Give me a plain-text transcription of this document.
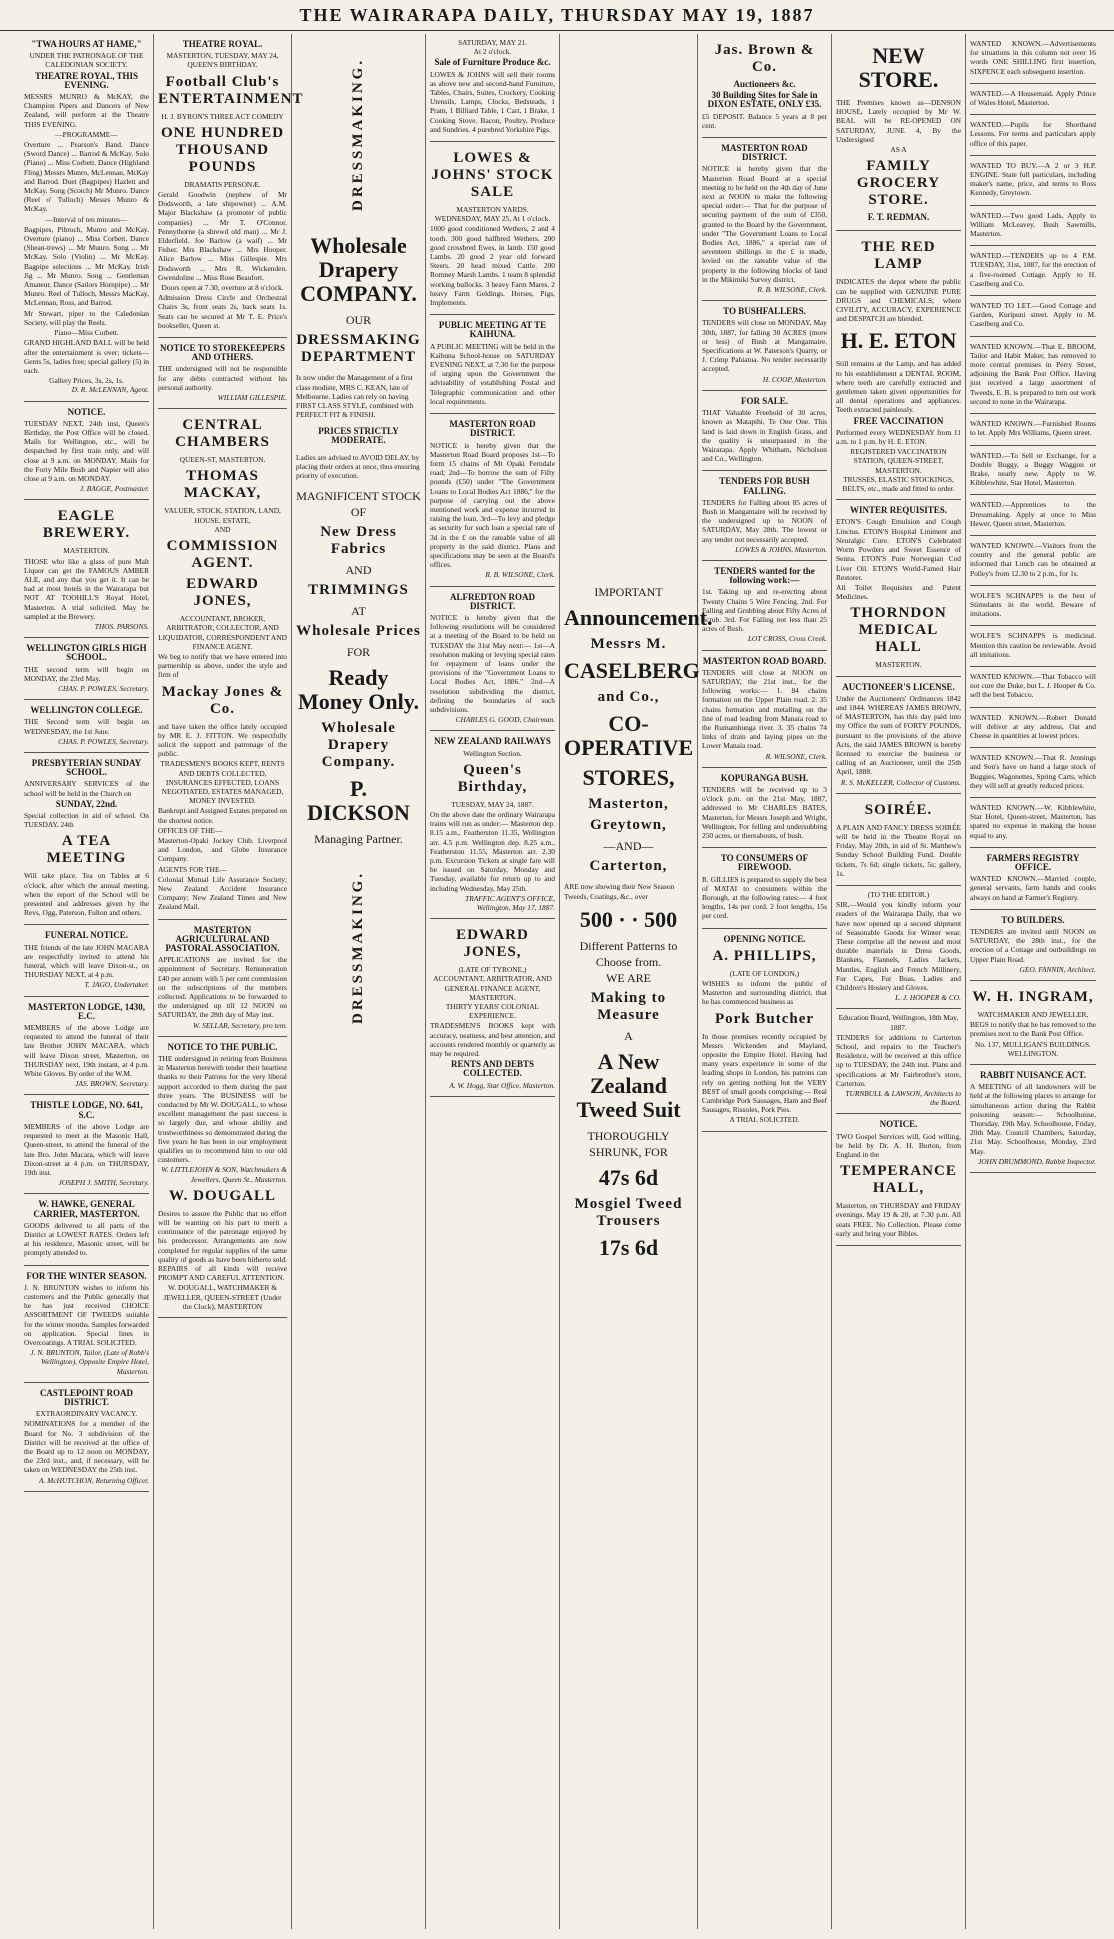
THE WAIRARAPA DAILY, THURSDAY MAY 19, 1887
"TWA HOURS AT HAME,"
UNDER THE PATRONAGE OF THE CALEDONIAN SOCIETY.
THEATRE ROYAL, THIS EVENING.

MESSRS MUNRO & McKAY, the Champion Pipers and Dancers of New Zealand, will perform at the Theatre THIS EVENING.

—PROGRAMME—

Overture ... Pearson's Band. Dance (Sword Dance) ... Barrod & McKay. Solo (Piano) ... Miss Corbett. Dance (Highland Fling) Messrs Munro, McLennan, McKay and Barrod. Duet (Bagpipes) Hazlett and McKay. Song (Scotch) Mr Munro. Dance (Reel o' Tulloch) Messrs Munro & McKay.

—Interval of ten minutes—

Bagpipes, Pibroch, Munro and McKay. Overture (piano) ... Miss Corbett. Dance (Shean-trews) ... Mr Munro. Song ... Mr McKay. Solo (Violin) ... Mr McKay. Bagpipe selections ... Mr McKay. Irish Jig ... Mr Munro. Song ... Gentleman Amateur. Dance (Sailors Hornpipe) ... Mr Munro. Reel of Tulloch, Messrs MacKay, McLennan, Ross, and Barrod.

Mr Stewart, piper to the Caledonian Society, will play the Reels.

Piano—Miss Corbett.

GRAND HIGHLAND BALL will be held after the entertainment is over; tickets—Gents 5s, ladies free; special gallery (5) in each.

Gallery Prices, 3s, 2s, 1s.
D. R. McLENNAN, Agent.
NOTICE.

TUESDAY NEXT, 24th inst, Queen's Birthday, the Post Office will be closed. Mails for Wellington, etc., will be despatched by first train only, and will close at 9 a.m. on MONDAY. Mails for the Forty Mile Bush and Napier will also close at 9 a.m. on MONDAY.

J. BAGGE, Postmaster.
EAGLE BREWERY.
MASTERTON.

THOSE who like a glass of pure Malt Liquor can get the FAMOUS AMBER ALE, and any that you get it. It can be had at most hotels in the Wairarapa but NOT AT TOOHILL'S Royal Hotel, Masterton. A trial solicited. May be sampled at the Brewery.

THOS. PARSONS.
WELLINGTON GIRLS HIGH SCHOOL.

THE second term will begin on MONDAY, the 23rd May.

CHAS. P. POWLES, Secretary.
WELLINGTON COLLEGE.

THE Second term will begin on WEDNESDAY, the 1st June.

CHAS. P. POWLES, Secretary.
PRESBYTERIAN SUNDAY SCHOOL.

ANNIVERSARY SERVICES of the school will be held in the Church on

SUNDAY, 22nd.

Special collection in aid of school. On TUESDAY, 24th

A TEA MEETING

Will take place. Tea on Tables at 6 o'clock, after which the annual meeting, when the report of the School will be presented and addresses given by the Revs. Ogg, Paterson, Fulton and others.

FUNERAL NOTICE.

THE friends of the late JOHN MACARA are respectfully invited to attend his funeral, which will leave Dixon-st., on THURSDAY NEXT, at 4 p.m.

T. JAGO, Undertaker.
MASTERTON LODGE, 1430, E.C.

MEMBERS of the above Lodge are requested to attend the funeral of their late Brother JOHN MACARA, which will leave Dixon street, Masterton, on THURSDAY next, 19th instant, at 4 p.m. White Gloves. By order of the W.M.

JAS. BROWN, Secretary.
THISTLE LODGE, NO. 641, S.C.

MEMBERS of the above Lodge are requested to meet at the Masonic Hall, Queen-street, to attend the funeral of the late Bro. John Macara, which will leave Dixon-street at 4 p.m. on THURSDAY, 19th inst.

JOSEPH J. SMITH, Secretary.
W. HAWKE, GENERAL CARRIER, MASTERTON.

GOODS delivered to all parts of the District at LOWEST RATES. Orders left at his residence, Masonic street, will be promptly attended to.

FOR THE WINTER SEASON.

J. N. BRUNTON wishes to inform his customers and the Public generally that he has just received CHOICE ASSORTMENT OF TWEEDS suitable for the winter months. Samples forwarded on application. Special lines in Overcoatings. A TRIAL SOLICITED.

J. N. BRUNTON, Tailor, (Late of Robb's Wellington), Opposite Empire Hotel, Masterton.
CASTLEPOINT ROAD DISTRICT.
EXTRAORDINARY VACANCY.

NOMINATIONS for a member of the Board for No. 3 subdivision of the District will be received at the office of the Board up to 12 noon on MONDAY, the 23rd inst., and, if necessary, will be taken on WEDNESDAY the 25th inst.

A. McHUTCHON, Returning Officer.
THEATRE ROYAL.
MASTERTON, TUESDAY, MAY 24, QUEEN'S BIRTHDAY.
Football Club's ENTERTAINMENT
H. J. BYRON'S THREE ACT COMEDY
ONE HUNDRED THOUSAND POUNDS
DRAMATIS PERSONÆ.

Gerald Goodwin (nephew of Mr Dodsworth, a late shipowner) ... A.M. Major Blackshaw (a promoter of public companies) ... Mr T. O'Connor. Pennythorne (a shrewd old man) ... Mr J. Elderfield. Joe Barlow (a waif) ... Mr Fisher. Mrs Blackshaw ... Mrs Hooper. Alice Barlow ... Miss Gillespie. Mrs Dodsworth ... Mrs R. Wickenden. Gwendoline ... Miss Rose Beaufort.

Doors open at 7.30, overture at 8 o'clock.

Admission Dress Circle and Orchestral Chairs 3s, front seats 2s, back seats 1s. Seats can be secured at Mr T. E. Price's bookseller, Queen st.

NOTICE TO STOREKEEPERS AND OTHERS.

THE undersigned will not be responsible for any debts contracted without his personal authority.

WILLIAM GILLESPIE.
CENTRAL CHAMBERS
QUEEN-ST, MASTERTON.
THOMAS MACKAY,
VALUER, STOCK, STATION, LAND, HOUSE, ESTATE,
AND
COMMISSION AGENT.
EDWARD JONES,
ACCOUNTANT, BROKER, ARBITRATOR, COLLECTOR, AND LIQUIDATOR, CORRESPONDENT AND FINANCE AGENT.

We beg to notify that we have entered into partnership as above, under the style and firm of

Mackay Jones & Co.

and have taken the office lately occupied by MR E. J. FITTON. We respectfully solicit the support and patronage of the public.

TRADESMEN'S BOOKS KEPT, RENTS AND DEBTS COLLECTED, INSURANCES EFFECTED, LOANS NEGOTIATED, ESTATES MANAGED, MONEY INVESTED.

Bankrupt and Assigned Estates prepared on the shortest notice.

OFFICES OF THE—

Masterton-Opaki Jockey Club. Liverpool and London, and Globe Insurance Company.

AGENTS FOR THE—

Colonial Mutual Life Assurance Society; New Zealand Accident Insurance Company; New Zealand Times and New Zealand Mail.

MASTERTON AGRICULTURAL AND PASTORAL ASSOCIATION.

APPLICATIONS are invited for the appointment of Secretary. Remuneration £40 per annum with 5 per cent commission on the subscriptions of the members collected. Applications to be forwarded to the undersigned up till 12 NOON on SATURDAY, the 28th day of May inst.

W. SELLAR, Secretary, pro tem.
NOTICE TO THE PUBLIC.

THE undersigned in retiring from Business in Masterton herewith tender their heartiest thanks to their Patrons for the very liberal support accorded to them during the past three years. The BUSINESS will be conducted by Mr W. DOUGALL, to whose excellent management the past success is so largely due, and whose ability and trustworthiness so demonstrated during the five years he has been in our employment qualifies us to recommend him to our old customers.

W. LITTLEJOHN & SON, Watchmakers & Jewellers, Queen St., Masterton.
W. DOUGALL

Desires to assure the Public that no effort will be wanting on his part to merit a continuance of the patronage enjoyed by his predecessor. Arrangements are now completed for regular supplies of the same quality of goods as have been hitherto sold. REPAIRS of all kinds will receive PROMPT AND CAREFUL ATTENTION.

W. DOUGALL, WATCHMAKER & JEWELLER, QUEEN-STREET (Under the Clock), MASTERTON
DRESSMAKING.
Wholesale Drapery COMPANY.
OUR
DRESSMAKING DEPARTMENT

Is now under the Management of a first class modiste, MRS C. KEAN, late of Melbourne. Ladies can rely on having FIRST CLASS STYLE, combined with PERFECT FIT & FINISH.

PRICES STRICTLY MODERATE.

Ladies are advised to AVOID DELAY, by placing their orders at once, thus ensuring priority of execution.

MAGNIFICENT STOCK
OF
New Dress Fabrics
AND
TRIMMINGS
AT
Wholesale Prices
FOR
Ready Money Only.
Wholesale Drapery Company.
P. DICKSON
Managing Partner.
DRESSMAKING.
SATURDAY, MAY 21.
At 2 o'clock.
Sale of Furniture Produce &c.

LOWES & JOHNS will sell their rooms as above new and second-hand Furniture, Tables, Chairs, Suites, Crockery, Cooking Utensils, Lamps, Clocks, Bedsteads, 1 Pram, 1 Billiard Table, 1 Cart, 1 Brake, 1 Cooking Stove. Bacon, Poultry, Produce and Sundries. 4 purebred Yorkshire Pigs.

LOWES & JOHNS' STOCK SALE
MASTERTON YARDS.
WEDNESDAY, MAY 25, At 1 o'clock.

1000 good conditioned Wethers, 2 and 4 tooth. 300 good halfbred Wethers. 200 good crossbred Ewes, in lamb. 150 good Lambs. 20 good 2 year old forward Steers. 20 head mixed Cattle. 200 Romney Marsh Lambs. 1 team 8 splendid working bullocks. 3 heavy Farm Mares. 2 heavy Farm Geldings. Horses, Pigs, Implements.

PUBLIC MEETING AT TE KAIHUNA.

A PUBLIC MEETING will be held in the Kaihuna School-house on SATURDAY EVENING NEXT, at 7.30 for the purpose of urging upon the Government the advisability of establishing Postal and Telegraphic communication and other local requirements.

MASTERTON ROAD DISTRICT.

NOTICE is hereby given that the Masterton Road Board proposes 1st—To form 15 chains of Mt Opaki Ferndale road; 2nd—To borrow the sum of Fifty pounds (£50) under "The Government Loans to Local Bodies Act 1886," for the purpose of carrying out the above mentioned work and expense incurred in raising the loan. 3rd—To levy and pledge as security for such loan a special rate of 3d in the £ on the rateable value of all property in the said district. Plans and specifications may be seen at the Board's offices.

R. B. WILSONE, Clerk.
ALFREDTON ROAD DISTRICT.

NOTICE is hereby given that the following resolutions will be considered at a meeting of the Board to be held on TUESDAY the 31st May next:— 1st—A resolution making or levying special rates for repayment of loans under the provisions of the "Government Loans to Local Bodies Act, 1886." 2nd—A resolution subdividing the district, defining the boundaries of such subdivisions.

CHARLES G. GOOD, Chairman.
NEW ZEALAND RAILWAYS
Wellington Section.
Queen's Birthday,
TUESDAY, MAY 24, 1887.

On the above date the ordinary Wairarapa trains will run as under:— Masterton dep. 8.15 a.m., Featherston 11.35, Wellington arr. 4.5 p.m. Wellington dep. 8.25 a.m., Featherston 11.55, Masterton arr. 2.30 p.m. Excursion Tickets at single fare will be issued on Saturday, Monday and Tuesday, available for return up to and including Wednesday, May 25th.

TRAFFIC AGENT'S OFFICE, Wellington, May 17, 1887.
EDWARD JONES,
(LATE OF TYRONE,)
ACCOUNTANT, ARBITRATOR, AND GENERAL FINANCE AGENT, MASTERTON.
THIRTY YEARS' COLONIAL EXPERIENCE.

TRADESMEN'S BOOKS kept with accuracy, neatness, and best attention, and accounts rendered monthly or quarterly as may be required.

RENTS AND DEBTS COLLECTED.
A. W. Hogg, Star Office, Masterton.
IMPORTANT
Announcement.
Messrs M.
CASELBERG
and Co.,
CO-OPERATIVE
STORES,
Masterton,
Greytown,
—AND—
Carterton,

ARE now showing their New Season Tweeds, Coatings, &c., over

500 · · 500
Different Patterns to Choose from.
WE ARE
Making to Measure
A
A New Zealand Tweed Suit
THOROUGHLY SHRUNK, FOR
47s 6d
Mosgiel Tweed Trousers
17s 6d
Jas. Brown & Co.
Auctioneers &c.
30 Building Sites for Sale in DIXON ESTATE, ONLY £35.

£5 DEPOSIT. Balance 5 years at 8 per cent.

MASTERTON ROAD DISTRICT.

NOTICE is hereby given that the Masterton Road Board at a special meeting to be held on the 4th day of June next at NOON to make the following special order:— That for the purpose of securing payment of the sum of £350, granted to the Board by the Government, under "The Government Loans to Local Bodies Act, 1886," a special rate of seventeen shillings in the £ is made, levied on the rateable value of the property in the following blocks of land in the Mikimiki Survey district.

R. B. WILSONE, Clerk.
TO BUSHFALLERS.

TENDERS will close on MONDAY, May 30th, 1887, for falling 30 ACRES (more or less) of Bush at Mangamaire. Specifications at W. Paterson's Quarry, or J. Crimp Pahiatua. No tender necessarily accepted.

H. COOP, Masterton.
FOR SALE.

THAT Valuable Freehold of 30 acres, known as Matapihi, Te One One. This land is laid down in English Grass, and the quality is unsurpassed in the Wairarapa. Apply Whitham, Nicholson and Co., Wellington.

TENDERS FOR BUSH FALLING.

TENDERS for Falling about 85 acres of Bush in Mangamaire will be received by the undersigned up to NOON of SATURDAY, May 28th. The lowest or any tender not necessarily accepted.

LOWES & JOHNS, Masterton.
TENDERS wanted for the following work:—

1st. Taking up and re-erecting about Twenty Chains 5 Wire Fencing. 2nd. For Falling and Grubbing about Fifty Acres of Scrub. 3rd. For Falling not less than 25 acres of Bush.

LOT CROSS, Cross Creek.
MASTERTON ROAD BOARD.

TENDERS will close at NOON on SATURDAY, the 21st inst., for the following works:— 1. 84 chains formation on the Upper Plain road. 2. 35 chains formation and metalling on the line of road leading from Manaia road to the Rumamhunga river. 3. 35 chains 74 links of drain and laying pipes on the Lower Manaia road.

R. WILSONE, Clerk.
KOPURANGA BUSH.

TENDERS will be received up to 3 o'clock p.m. on the 21st May, 1887, addressed to Mr CHARLES BATES, Masterton, for Messrs Joseph and Wright, Wellington, For felling and undersubbing 250 acres, or thereabouts, of bush.

TO CONSUMERS OF FIREWOOD.

R. GILLIES is prepared to supply the best of MATAI to consumers within the Borough, at the following rates:— 4 foot lengths, 14s per cord. 2 foot lengths, 15s per cord.

OPENING NOTICE.
A. PHILLIPS,
(LATE OF LONDON,)

WISHES to inform the public of Masterton and surrounding district, that he has commenced business as

Pork Butcher

In those premises recently occupied by Messrs Wickenden and Mayland, opposite the Empire Hotel. Having had many years experience in some of the leading shops in London, his patrons can rely on getting nothing but the VERY BEST of small goods comprising:— Real Cambridge Pork Sausages, Ham and Beef Sausages, Rissoles, Pork Pies.

A TRIAL SOLICITED.
NEW STORE.

THE Premises known as—DENSON HOUSE, Lately occupied by Mr W. BEAL will be RE-OPENED ON SATURDAY, JUNE 4, By the Undersigned

AS A
FAMILY GROCERY STORE.
F. T. REDMAN.
THE RED LAMP

INDICATES the depot where the public can be supplied with GENUINE PURE DRUGS and CHEMICALS; where CIVILITY, ACCURACY, EXPERIENCE and DESPATCH are blended.

H. E. ETON

Still remains at the Lamp, and has added to his establishment a DENTAL ROOM, where teeth are carefully extracted and gentlemen taken given opportunities for all dental operations and appliances. Teeth extracted painlessly.

FREE VACCINATION

Performed every WEDNESDAY from 11 a.m. to 1 p.m. by H. E. ETON.

REGISTERED VACCINATION STATION, QUEEN-STREET, MASTERTON.
TRUSSES, ELASTIC STOCKINGS, BELTS, etc., made and fitted to order.
WINTER REQUISITES.

ETON'S Cough Emulsion and Cough Linctus. ETON'S Hospital Liniment and Neuralgic Cure. ETON'S Celebrated Worm Powders and Sweet Essence of Senna. ETON'S Pure Norwegian Cod Liver Oil. ETON'S World-Famed Hair Restorer.

All Toilet Requisites and Patent Medicines.

THORNDON MEDICAL HALL
MASTERTON.
AUCTIONEER'S LICENSE.

Under the Auctioneers' Ordinances 1842 and 1844. WHEREAS JAMES BROWN, of MASTERTON, has this day paid into my Office the sum of FORTY POUNDS, pursuant to the provisions of the above Acts, the said JAMES BROWN is hereby licensed to exercise the business or calling of an Auctioneer, until the 25th April, 1888.

R. S. McKELLER, Collector of Customs.
SOIRÉE.

A PLAIN AND FANCY DRESS SOIRÉE will be held in the Theatre Royal on Friday, May 20th, in aid of St. Matthew's Sunday School Building Fund. Double tickets, 7s 6d; single tickets, 5s; gallery, 1s.

(TO THE EDITOR.)

SIR,—Would you kindly inform your readers of the Wairarapa Daily, that we have now opened up a second shipment of Seasonable Goods for Winter wear. These comprise all the newest and most durable materials in Dress Goods, Blankets, Flannels, Ladies Jackets, Mantles, English and French Millinery, Fur Capes, Fur Boas, Ladies and Children's Hosiery and Gloves.

L. J. HOOPER & CO.
Education Board, Wellington, 18th May, 1887.

TENDERS for additions to Carterton School, and repairs to the Teacher's Residence, will be received at this office up to TUESDAY, the 24th inst. Plans and specifications at Mr Fairbrother's store, Carterton.

TURNBULL & LAWSON, Architects to the Board.
NOTICE.

TWO Gospel Services will, God willing, be held by Dr. A. H. Burton, from England in the

TEMPERANCE HALL,

Masterton, on THURSDAY and FRIDAY evenings, May 19 & 20, at 7.30 p.m. All seats FREE. No Collection. Please come early and bring your Bibles.

WANTED KNOWN.—Advertisements for situations in this column not over 16 words ONE SHILLING first insertion, SIXPENCE each subsequent insertion.

WANTED.—A Housemaid. Apply Prince of Wales Hotel, Masterton.

WANTED.—Pupils for Shorthand Lessons. For terms and particulars apply office of this paper.

WANTED TO BUY.—A 2 or 3 H.P. ENGINE. State full particulars, including maker's name, price, and terms to Ross Kennedy, Greytown.

WANTED.—Two good Lads, Apply to William McLeavey, Bush Sawmills, Masterton.

WANTED.—TENDERS up to 4 P.M. TUESDAY, 31st, 1887, for the erection of a five-roomed Cottage. Apply to H. Caselberg and Co.

WANTED TO LET.—Good Cottage and Garden, Kuripuni street. Apply to M. Caselberg and Co.

WANTED KNOWN.—That E. BROOM, Tailor and Habit Maker, has removed to more central premises in Perry Street, adjoining the Bank Post Office. Having just received a large assortment of Tweeds, E. B. is prepared to turn out work second to none in the Wairarapa.

WANTED KNOWN.—Furnished Rooms to let. Apply Mrs Williams, Queen street.

WANTED.—To Sell or Exchange, for a Double Buggy, a Buggy Waggon or Brake, nearly new. Apply to W. Kibblewhite, Star Hotel, Masterton.

WANTED.—Apprentices to the Dressmaking. Apply at once to Miss Hewer, Queen street, Masterton.

WANTED KNOWN.—Visitors from the country and the general public are informed that Lunch can be obtained at Polley's from 12.30 to 2 p.m., for 1s.

WOLFE'S SCHNAPPS is the best of Stimulants in the world. Beware of imitations.

WOLFE'S SCHNAPPS is medicinal. Mention this caution be reviewable. Avoid all imitations.

WANTED KNOWN.—That Tobacco will not cure the Duke, but L. J. Hooper & Co. sell the best Tobacco.

WANTED KNOWN.—Robert Donald will deliver at any address, Oat and Cheese in quantities at lowest prices.

WANTED KNOWN.—That R. Jennings and Son's have on hand a large stock of Buggies, Wagonettes, Spring Carts, which they will sell at greatly reduced prices.

WANTED KNOWN.—W. Kibblewhite, Star Hotel, Queen-street, Masterton, has spared no expense in making the house equal to any.

FARMERS REGISTRY OFFICE.

WANTED KNOWN.—Married couple, general servants, farm hands and cooks always on hand at Farmer's Registry.

TO BUILDERS.

TENDERS are invited until NOON on SATURDAY, the 28th inst., for the erection of a Cottage and outbuildings on Upper Plain Road.

GEO. FANNIN, Architect.
W. H. INGRAM,
WATCHMAKER AND JEWELLER,

BEGS to notify that he has removed to the premises next to the Bank Post Office.

No. 137, MULLIGAN'S BUILDINGS.
WELLINGTON.
RABBIT NUISANCE ACT.

A MEETING of all landowners will be held at the following places to arrange for simultaneous action during the Rabbit poisoning season:— Schoolhouse, Thursday, 19th May. Schoolhouse, Friday, 20th May. Council Chambers, Saturday, 21st May. Schoolhouse, Monday, 23rd May.

JOHN DRUMMOND, Rabbit Inspector.
